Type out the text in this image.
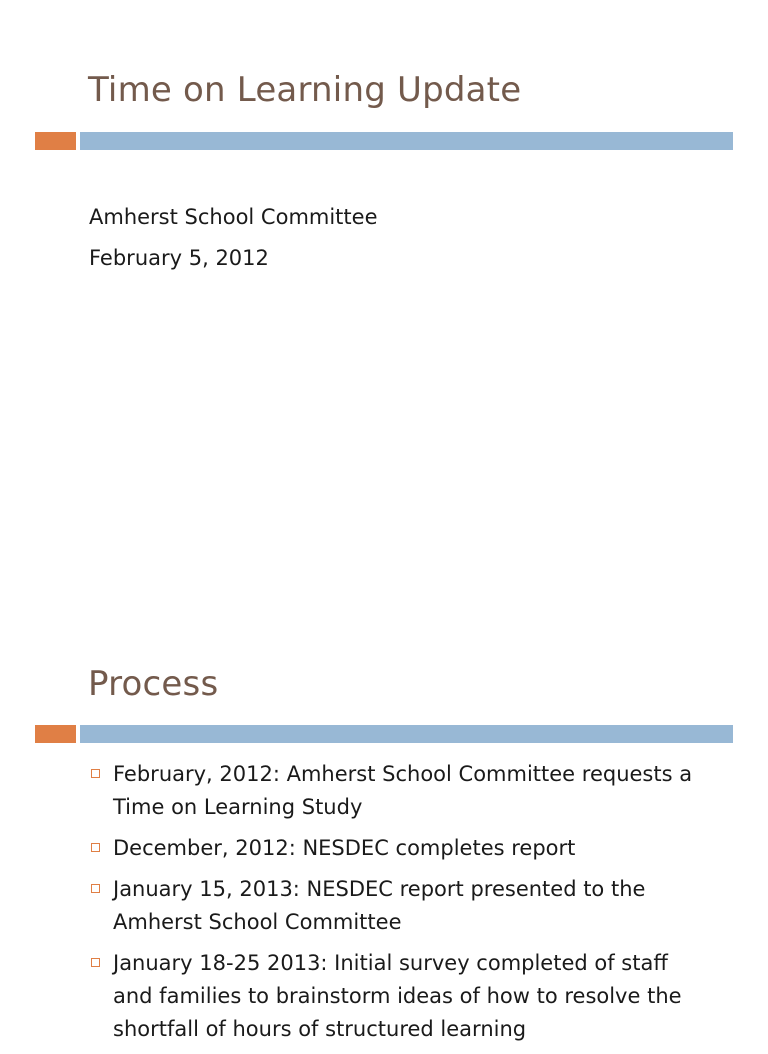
Time on Learning Update
Amherst School Committee
February 5, 2012
Process
February, 2012: Amherst School Committee requests a Time on Learning Study
December, 2012: NESDEC completes report
January 15, 2013: NESDEC report presented to the Amherst School Committee
January 18-25 2013: Initial survey completed of staff and families to brainstorm ideas of how to resolve the shortfall of hours of structured learning
